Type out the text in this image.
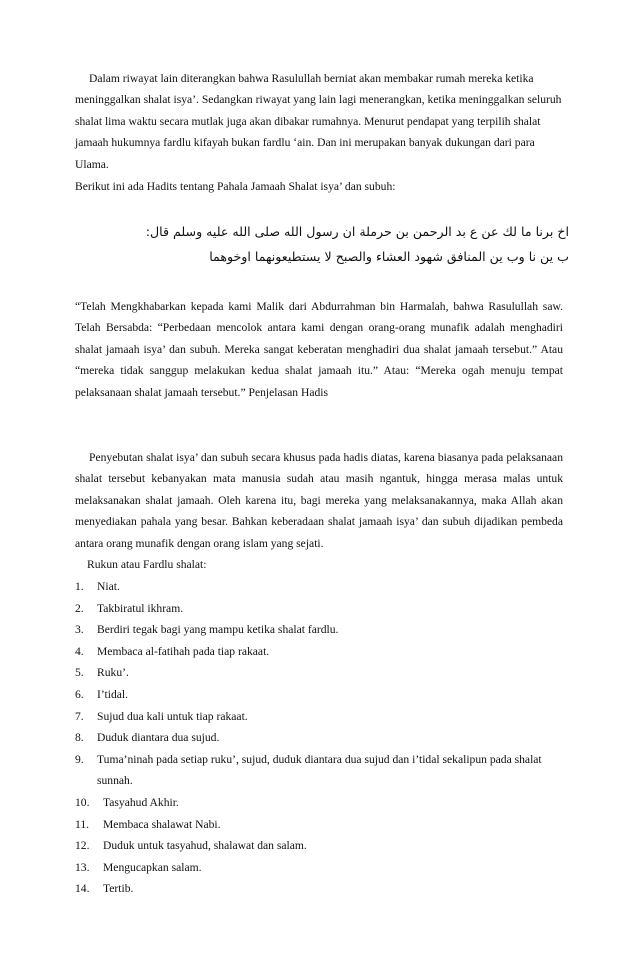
Dalam riwayat lain diterangkan bahwa Rasulullah berniat akan membakar rumah mereka ketika meninggalkan shalat isya’. Sedangkan riwayat yang lain lagi menerangkan, ketika meninggalkan seluruh shalat lima waktu secara mutlak juga akan dibakar rumahnya. Menurut pendapat yang terpilih shalat jamaah hukumnya fardlu kifayah bukan fardlu ‘ain. Dan ini merupakan banyak dukungan dari para Ulama.

Berikut ini ada Hadits tentang Pahala Jamaah Shalat isya’ dan subuh:

اخ برنا ما لك عن ع بد الرحمن بن حرملة ان رسول الله صلى الله عليه وسلم قال:

ب ين نا وب ين المنافق شهود العشاء والصبح لا يستطيعونهما اوخوهما

“Telah Mengkhabarkan kepada kami Malik dari Abdurrahman bin Harmalah, bahwa Rasulullah saw. Telah Bersabda: “Perbedaan mencolok antara kami dengan orang-orang munafik adalah menghadiri shalat jamaah isya’ dan subuh. Mereka sangat keberatan menghadiri dua shalat jamaah tersebut.” Atau “mereka tidak sanggup melakukan kedua shalat jamaah itu.” Atau: “Mereka ogah menuju tempat pelaksanaan shalat jamaah tersebut.” Penjelasan Hadis

Penyebutan shalat isya’ dan subuh secara khusus pada hadis diatas, karena biasanya pada pelaksanaan shalat tersebut kebanyakan mata manusia sudah atau masih ngantuk, hingga merasa malas untuk melaksanakan shalat jamaah. Oleh karena itu, bagi mereka yang melaksanakannya, maka Allah akan menyediakan pahala yang besar. Bahkan keberadaan shalat jamaah isya’ dan subuh dijadikan pembeda antara orang munafik dengan orang islam yang sejati.

Rukun atau Fardlu shalat:

1.	Niat.
2.	Takbiratul ikhram.
3.	Berdiri tegak bagi yang mampu ketika shalat fardlu.
4.	Membaca al-fatihah pada tiap rakaat.
5.	Ruku’.
6.	I’tidal.
7.	Sujud dua kali untuk tiap rakaat.
8.	Duduk diantara dua sujud.
9.	Tuma’ninah pada setiap ruku’, sujud, duduk diantara dua sujud dan i’tidal sekalipun pada shalat sunnah.
10.	Tasyahud Akhir.
11.	Membaca shalawat Nabi.
12.	Duduk untuk tasyahud, shalawat dan salam.
13.	Mengucapkan salam.
14.	Tertib.
